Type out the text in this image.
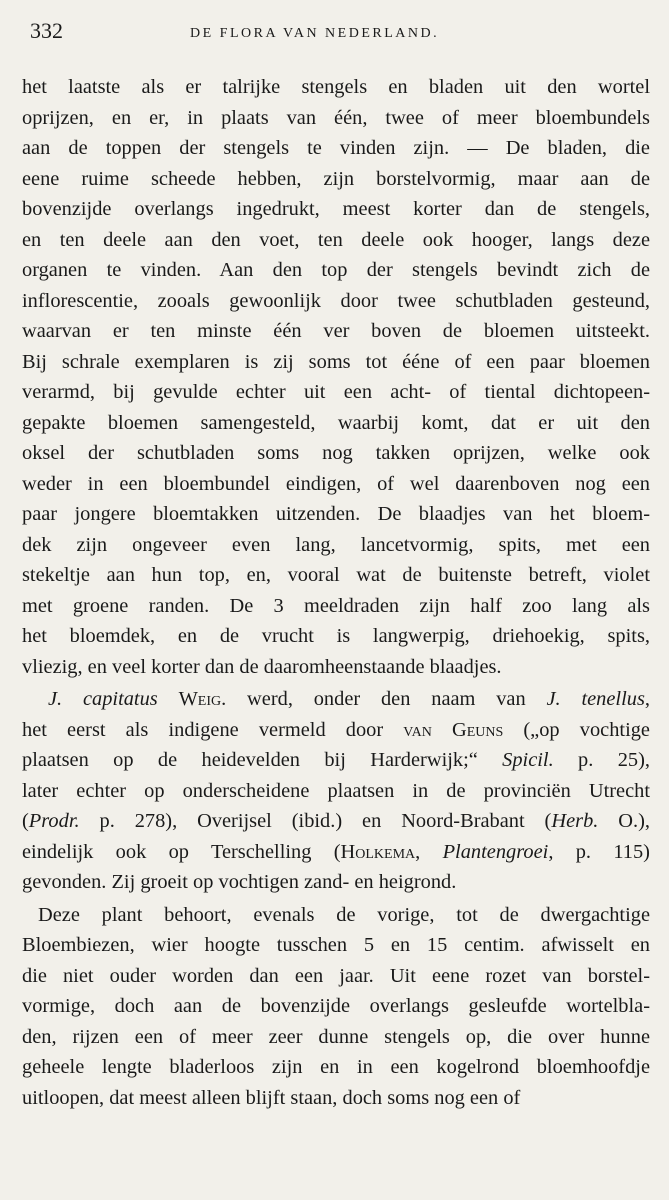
332	DE FLORA VAN NEDERLAND.
het laatste als er talrijke stengels en bladen uit den wortel
oprijzen, en er, in plaats van één, twee of meer bloembundels
aan de toppen der stengels te vinden zijn. — De bladen, die
eene ruime scheede hebben, zijn borstelvormig, maar aan de
bovenzijde overlangs ingedrukt, meest korter dan de stengels,
en ten deele aan den voet, ten deele ook hooger, langs deze
organen te vinden. Aan den top der stengels bevindt zich de
inflorescentie, zooals gewoonlijk door twee schutbladen gesteund,
waarvan er ten minste één ver boven de bloemen uitsteekt.
Bij schrale exemplaren is zij soms tot ééne of een paar bloemen
verarmd, bij gevulde echter uit een acht- of tiental dichtopeen-
gepakte bloemen samengesteld, waarbij komt, dat er uit den
oksel der schutbladen soms nog takken oprijzen, welke ook
weder in een bloembundel eindigen, of wel daarenboven nog een
paar jongere bloemtakken uitzenden. De blaadjes van het bloem-
dek zijn ongeveer even lang, lancetvormig, spits, met een
stekeltje aan hun top, en, vooral wat de buitenste betreft, violet
met groene randen. De 3 meeldraden zijn half zoo lang als
het bloemdek, en de vrucht is langwerpig, driehoekig, spits,
vliezig, en veel korter dan de daaromheenstaande blaadjes.
J. capitatus Weig. werd, onder den naam van J. tenellus,
het eerst als indigene vermeld door van Geuns („op vochtige
plaatsen op de heidevelden bij Harderwijk;“ Spicil. p. 25),
later echter op onderscheidene plaatsen in de provinciën Utrecht
(Prodr. p. 278), Overijsel (ibid.) en Noord-Brabant (Herb. O.),
eindelijk ook op Terschelling (Holkema, Plantengroei, p. 115)
gevonden. Zij groeit op vochtigen zand- en heigrond.
Deze plant behoort, evenals de vorige, tot de dwergachtige
Bloembiezen, wier hoogte tusschen 5 en 15 centim. afwisselt en
die niet ouder worden dan een jaar. Uit eene rozet van borstel-
vormige, doch aan de bovenzijde overlangs gesleufde wortelbla-
den, rijzen een of meer zeer dunne stengels op, die over hunne
geheele lengte bladerloos zijn en in een kogelrond bloemhoofdje
uitloopen, dat meest alleen blijft staan, doch soms nog een of
